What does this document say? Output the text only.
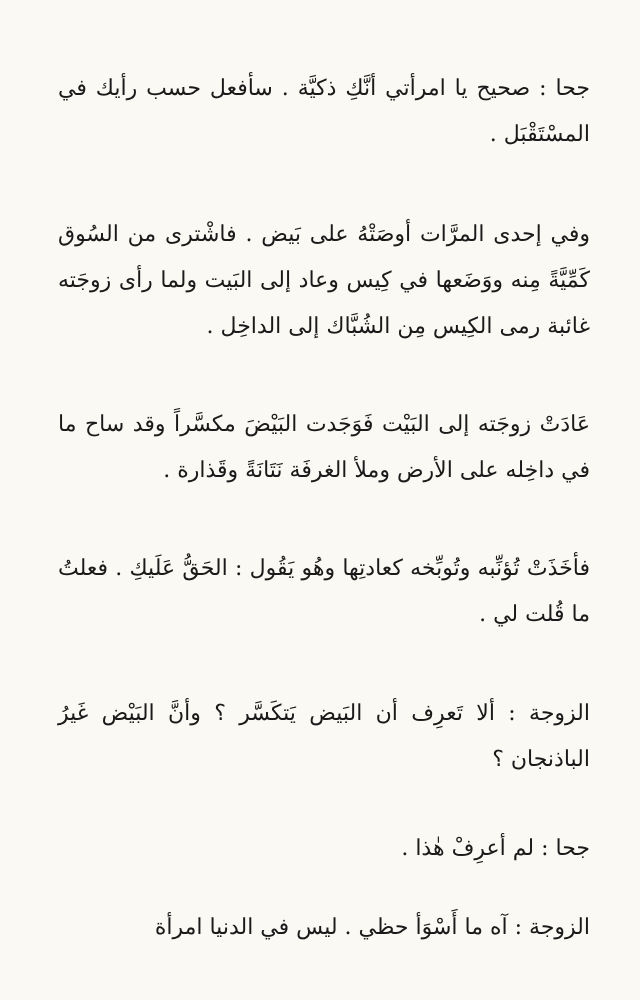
جحا : صحيح يا امرأتي أنَّكِ ذكيَّة . سأفعل حسب رأيك في المسْتَقْبَل .

وفي إحدى المرَّات أوصَتْهُ على بَيض . فاشْترى من السُوق كَمِّيَّةً مِنه ووَضَعها في كِيس وعاد إلى البَيت ولما رأى زوجَته غائبة رمى الكِيس مِن الشُبَّاك إلى الداخِل .

عَادَتْ زوجَته إلى البَيْت فَوَجَدت البَيْضَ مكسَّراً وقد ساح ما في داخِله على الأرض وملأ الغرفَة نَتَانَةً وقَذارة .

فأخَذَتْ تُؤنِّبه وتُوبِّخه كعادتِها وهُو يَقُول : الحَقُّ عَلَيكِ . فعلتُ ما قُلت لي .

الزوجة : ألا تَعرِف أن البَيض يَتكَسَّر ؟ وأنَّ البَيْض غَيرُ الباذنجان ؟

جحا : لم أعرِفْ هٰذا .

الزوجة : آه ما أَسْوَأ حظي . ليس في الدنيا امرأة
